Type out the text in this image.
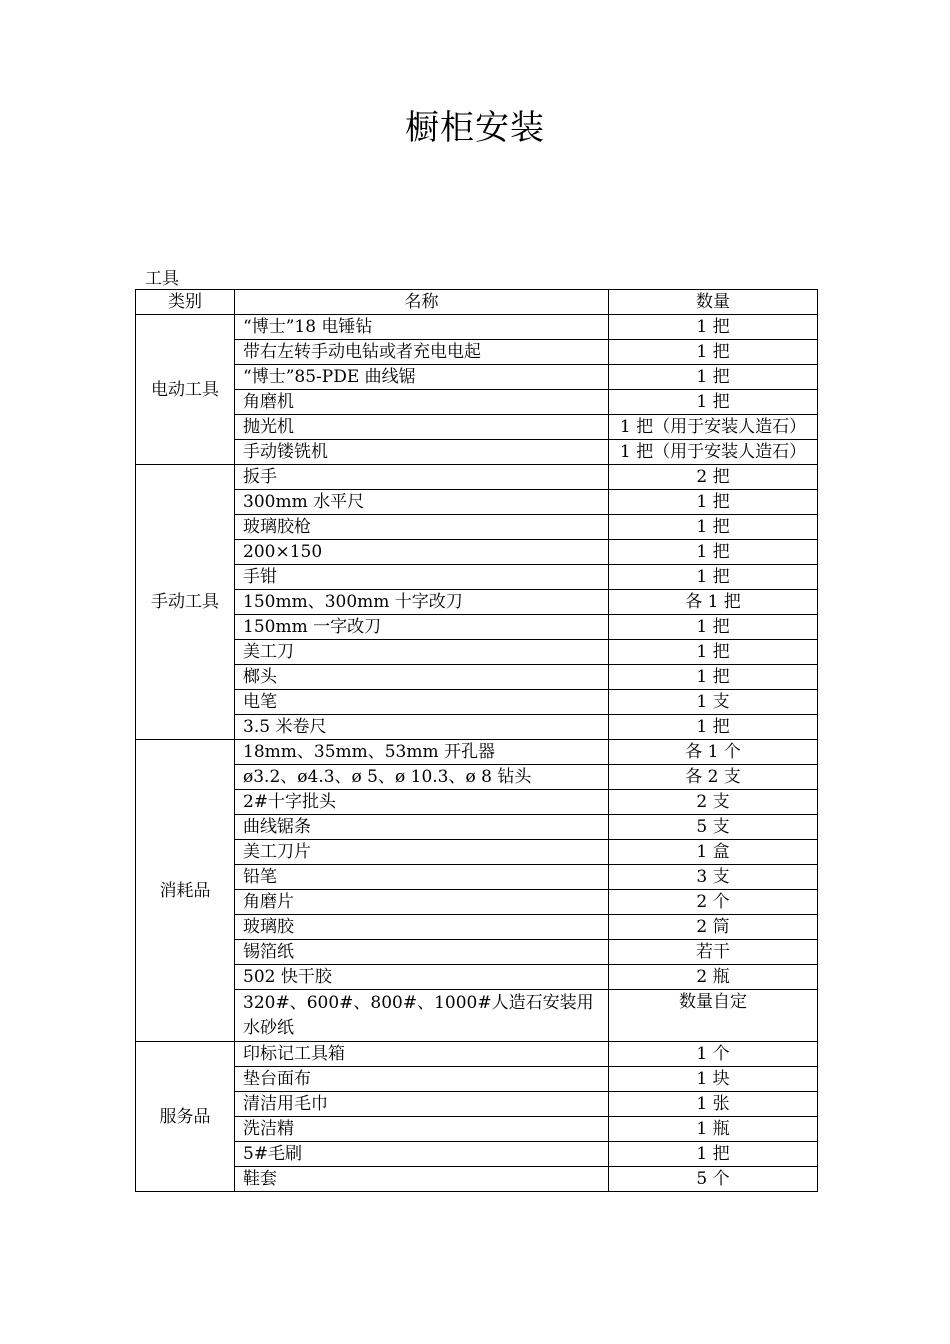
橱柜安装
工具
类别	名称	数量
电动工具	“博士”18 电锤钻	1 把
	带右左转手动电钻或者充电电起	1 把
	“博士”85-PDE 曲线锯	1 把
	角磨机	1 把
	抛光机	1 把（用于安装人造石）
	手动镂铣机	1 把（用于安装人造石）
手动工具	扳手	2 把
	300mm 水平尺	1 把
	玻璃胶枪	1 把
	200×150	1 把
	手钳	1 把
	150mm、300mm 十字改刀	各 1 把
	150mm 一字改刀	1 把
	美工刀	1 把
	榔头	1 把
	电笔	1 支
	3.5 米卷尺	1 把
消耗品	18mm、35mm、53mm 开孔器	各 1 个
	ø3.2、ø4.3、ø 5、ø 10.3、ø 8 钻头	各 2 支
	2#十字批头	2 支
	曲线锯条	5 支
	美工刀片	1 盒
	铅笔	3 支
	角磨片	2 个
	玻璃胶	2 筒
	锡箔纸	若干
	502 快干胶	2 瓶
	320#、600#、800#、1000#人造石安装用水砂纸	数量自定
服务品	印标记工具箱	1 个
	垫台面布	1 块
	清洁用毛巾	1 张
	洗洁精	1 瓶
	5#毛刷	1 把
	鞋套	5 个
